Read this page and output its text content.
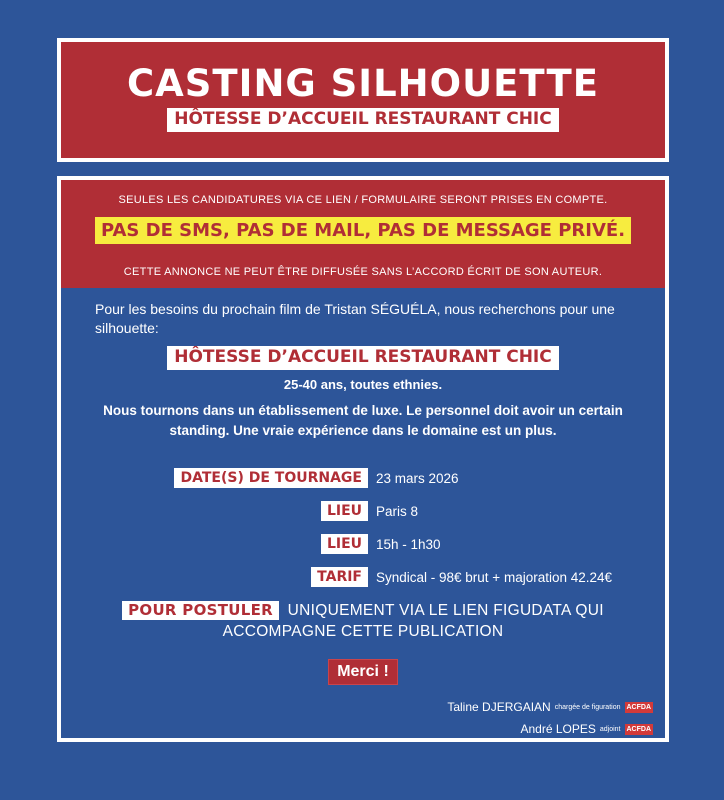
CASTING SILHOUETTE
HÔTESSE D’ACCUEIL RESTAURANT CHIC
SEULES LES CANDIDATURES VIA CE LIEN / FORMULAIRE SERONT PRISES EN COMPTE.
PAS DE SMS, PAS DE MAIL, PAS DE MESSAGE PRIVÉ.
CETTE ANNONCE NE PEUT ÊTRE DIFFUSÉE SANS L’ACCORD ÉCRIT DE SON AUTEUR.
Pour les besoins du prochain film de Tristan SÉGUÉLA, nous recherchons pour une silhouette:
HÔTESSE D’ACCUEIL RESTAURANT CHIC
25-40 ans, toutes ethnies.
Nous tournons dans un établissement de luxe. Le personnel doit avoir un certain standing. Une vraie expérience dans le domaine est un plus.
DATE(S) DE TOURNAGE	23 mars 2026
LIEU	Paris 8
LIEU	15h - 1h30
TARIF	Syndical - 98€ brut + majoration 42.24€
POUR POSTULER UNIQUEMENT VIA LE LIEN FIGUDATA QUI
ACCOMPAGNE CETTE PUBLICATION
Merci !
Taline DJERGAIAN chargée de figuration ACFDA
André LOPES adjoint ACFDA
